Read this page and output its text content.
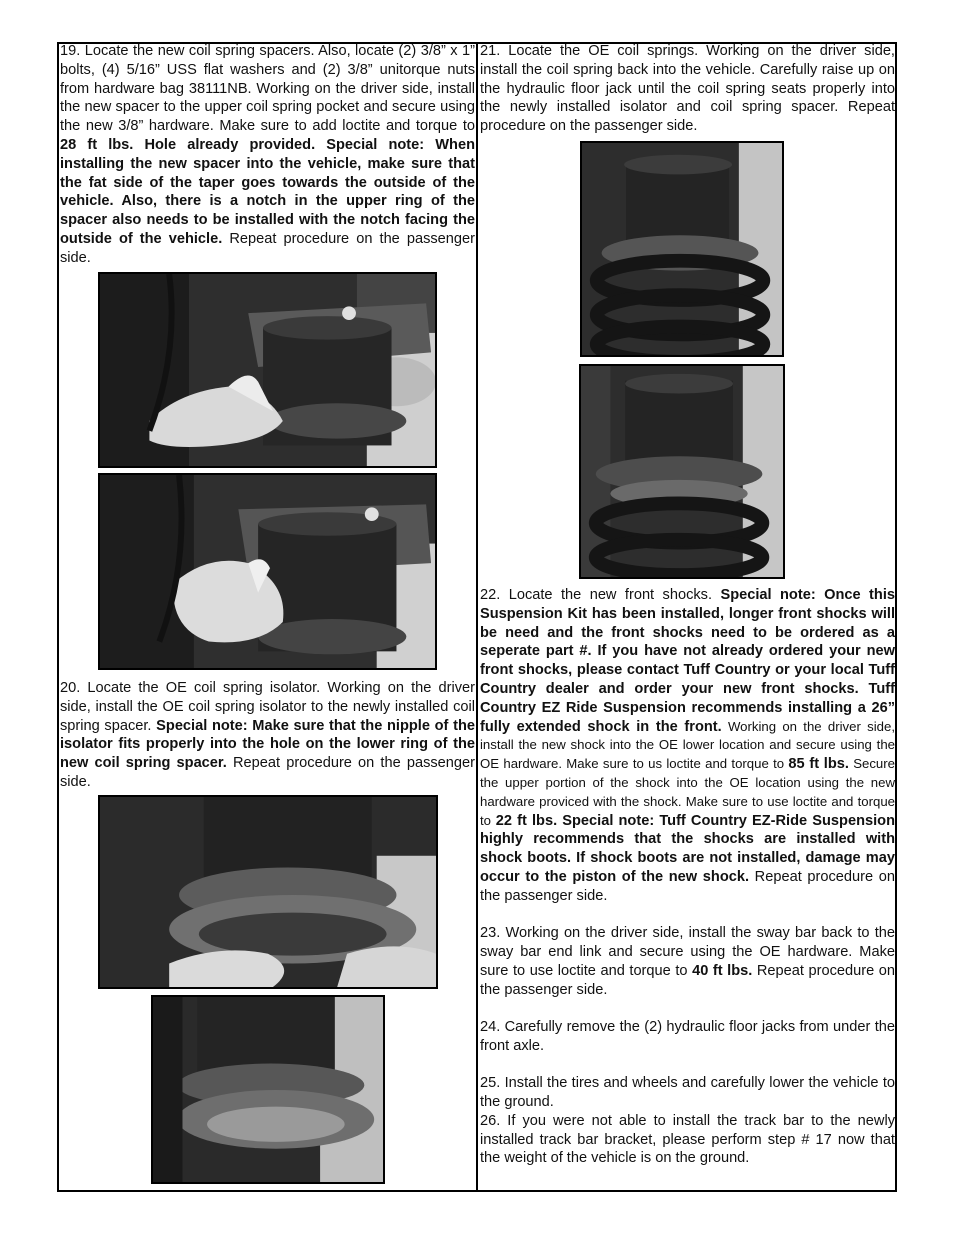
19. Locate the new coil spring spacers. Also, locate (2) 3/8” x 1” bolts, (4) 5/16” USS flat washers and (2) 3/8” unitorque nuts from hardware bag 38111NB. Working on the driver side, install the new spacer to the upper coil spring pocket and secure using the new 3/8” hardware. Make sure to add loctite and torque to 28 ft lbs. Hole already provided. Special note: When installing the new spacer into the vehicle, make sure that the fat side of the taper goes towards the outside of the vehicle. Also, there is a notch in the upper ring of the spacer also needs to be installed with the notch facing the outside of the vehicle. Repeat procedure on the passenger side.
20. Locate the OE coil spring isolator. Working on the driver side, install the OE coil spring isolator to the newly installed coil spring spacer. Special note: Make sure that the nipple of the isolator fits properly into the hole on the lower ring of the new coil spring spacer. Repeat procedure on the passenger side.
21. Locate the OE coil springs. Working on the driver side, install the coil spring back into the vehicle. Carefully raise up on the hydraulic floor jack until the coil spring seats properly into the newly installed isolator and coil spring spacer. Repeat procedure on the passenger side.
22. Locate the new front shocks. Special note: Once this Suspension Kit has been installed, longer front shocks will be need and the front shocks need to be ordered as a seperate part #. If you have not already ordered your new front shocks, please contact Tuff Country or your local Tuff Country dealer and order your new front shocks. Tuff Country EZ Ride Suspension recommends installing a 26” fully extended shock in the front. Working on the driver side, install the new shock into the OE lower location and secure using the OE hardware. Make sure to us loctite and torque to 85 ft lbs. Secure the upper portion of the shock into the OE location using the new hardware proviced with the shock. Make sure to use loctite and torque to 22 ft lbs. Special note: Tuff Country EZ-Ride Suspension highly recommends that the shocks are installed with shock boots. If shock boots are not installed, damage may occur to the piston of the new shock. Repeat procedure on the passenger side.
23. Working on the driver side, install the sway bar back to the sway bar end link and secure using the OE hardware. Make sure to use loctite and torque to 40 ft lbs. Repeat procedure on the passenger side.
24. Carefully remove the (2) hydraulic floor jacks from under the front axle.
25. Install the tires and wheels and carefully lower the vehicle to the ground.
26. If you were not able to install the track bar to the newly installed track bar bracket, please perform step # 17 now that the weight of the vehicle is on the ground.
